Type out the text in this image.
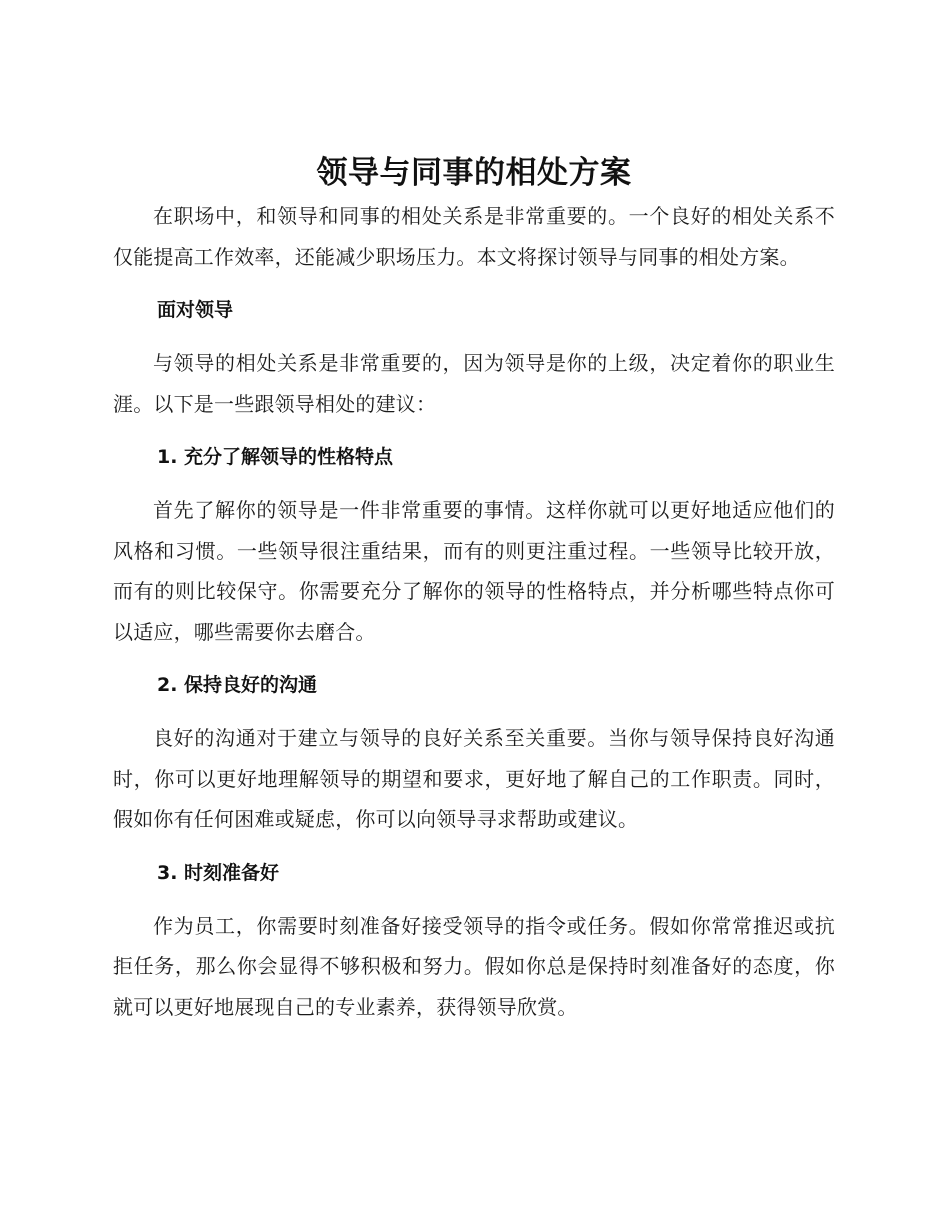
领导与同事的相处方案

在职场中，和领导和同事的相处关系是非常重要的。一个良好的相处关系不仅能提高工作效率，还能减少职场压力。本文将探讨领导与同事的相处方案。

面对领导

与领导的相处关系是非常重要的，因为领导是你的上级，决定着你的职业生涯。以下是一些跟领导相处的建议：

1. 充分了解领导的性格特点

首先了解你的领导是一件非常重要的事情。这样你就可以更好地适应他们的风格和习惯。一些领导很注重结果，而有的则更注重过程。一些领导比较开放，而有的则比较保守。你需要充分了解你的领导的性格特点，并分析哪些特点你可以适应，哪些需要你去磨合。

2. 保持良好的沟通

良好的沟通对于建立与领导的良好关系至关重要。当你与领导保持良好沟通时，你可以更好地理解领导的期望和要求，更好地了解自己的工作职责。同时，假如你有任何困难或疑虑，你可以向领导寻求帮助或建议。

3. 时刻准备好

作为员工，你需要时刻准备好接受领导的指令或任务。假如你常常推迟或抗拒任务，那么你会显得不够积极和努力。假如你总是保持时刻准备好的态度，你就可以更好地展现自己的专业素养，获得领导欣赏。
